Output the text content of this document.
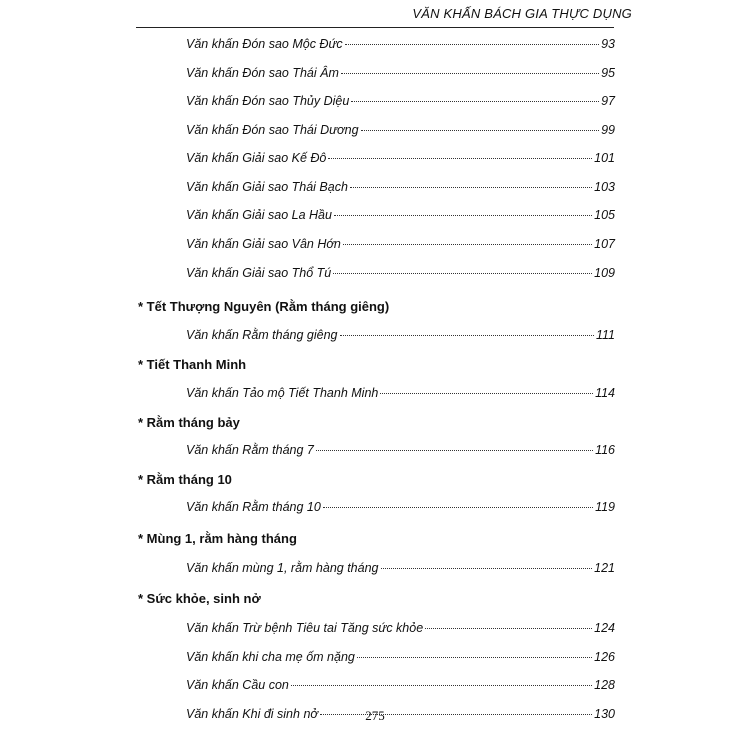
VĂN KHẤN BÁCH GIA THỰC DỤNG
Văn khấn Đón sao Mộc Đức	93
Văn khấn Đón sao Thái Âm	95
Văn khấn Đón sao Thủy Diệu	97
Văn khấn Đón sao Thái Dương	99
Văn khấn Giải sao Kế Đô	101
Văn khấn Giải sao Thái Bạch	103
Văn khấn Giải sao La Hầu	105
Văn khấn Giải sao Vân Hớn	107
Văn khấn Giải sao Thổ Tú	109
* Tết Thượng Nguyên (Rằm tháng giêng)
Văn khấn Rằm tháng giêng	111
* Tiết Thanh Minh
Văn khấn Tảo mộ Tiết Thanh Minh	114
* Rằm tháng bảy
Văn khấn Rằm tháng 7	116
* Rằm tháng 10
Văn khấn Rằm tháng 10	119
* Mùng 1, rằm hàng tháng
Văn khấn mùng 1, rằm hàng tháng	121
* Sức khỏe, sinh nở
Văn khấn Trừ bệnh Tiêu tai Tăng sức khỏe	124
Văn khấn khi cha mẹ ốm nặng	126
Văn khấn Cầu con	128
Văn khấn Khi đi sinh nở	130
275
